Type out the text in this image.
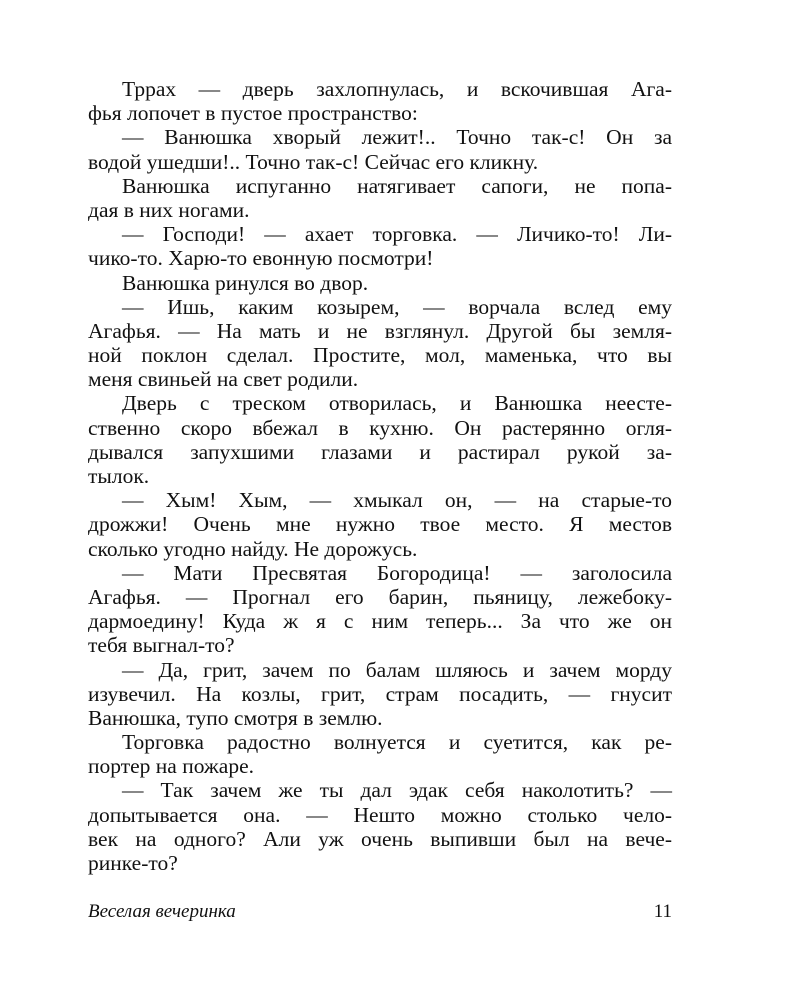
Тррах — дверь захлопнулась, и вскочившая Ага-
фья лопочет в пустое пространство:
— Ванюшка хворый лежит!.. Точно так-с! Он за
водой ушедши!.. Точно так-с! Сейчас его кликну.
Ванюшка испуганно натягивает сапоги, не попа-
дая в них ногами.
— Господи! — ахает торговка. — Личико-то! Ли-
чико-то. Харю-то евонную посмотри!
Ванюшка ринулся во двор.
— Ишь, каким козырем, — ворчала вслед ему
Агафья. — На мать и не взглянул. Другой бы земля-
ной поклон сделал. Простите, мол, маменька, что вы
меня свиньей на свет родили.
Дверь с треском отворилась, и Ванюшка неесте-
ственно скоро вбежал в кухню. Он растерянно огля-
дывался запухшими глазами и растирал рукой за-
тылок.
— Хым! Хым, — хмыкал он, — на старые-то
дрожжи! Очень мне нужно твое место. Я местов
сколько угодно найду. Не дорожусь.
— Мати Пресвятая Богородица! — заголосила
Агафья. — Прогнал его барин, пьяницу, лежебоку-
дармоедину! Куда ж я с ним теперь... За что же он
тебя выгнал-то?
— Да, грит, зачем по балам шляюсь и зачем морду
изувечил. На козлы, грит, страм посадить, — гнусит
Ванюшка, тупо смотря в землю.
Торговка радостно волнуется и суетится, как ре-
портер на пожаре.
— Так зачем же ты дал эдак себя наколотить? —
допытывается она. — Нешто можно столько чело-
век на одного? Али уж очень выпивши был на вече-
ринке-то?
Веселая вечеринка	11
